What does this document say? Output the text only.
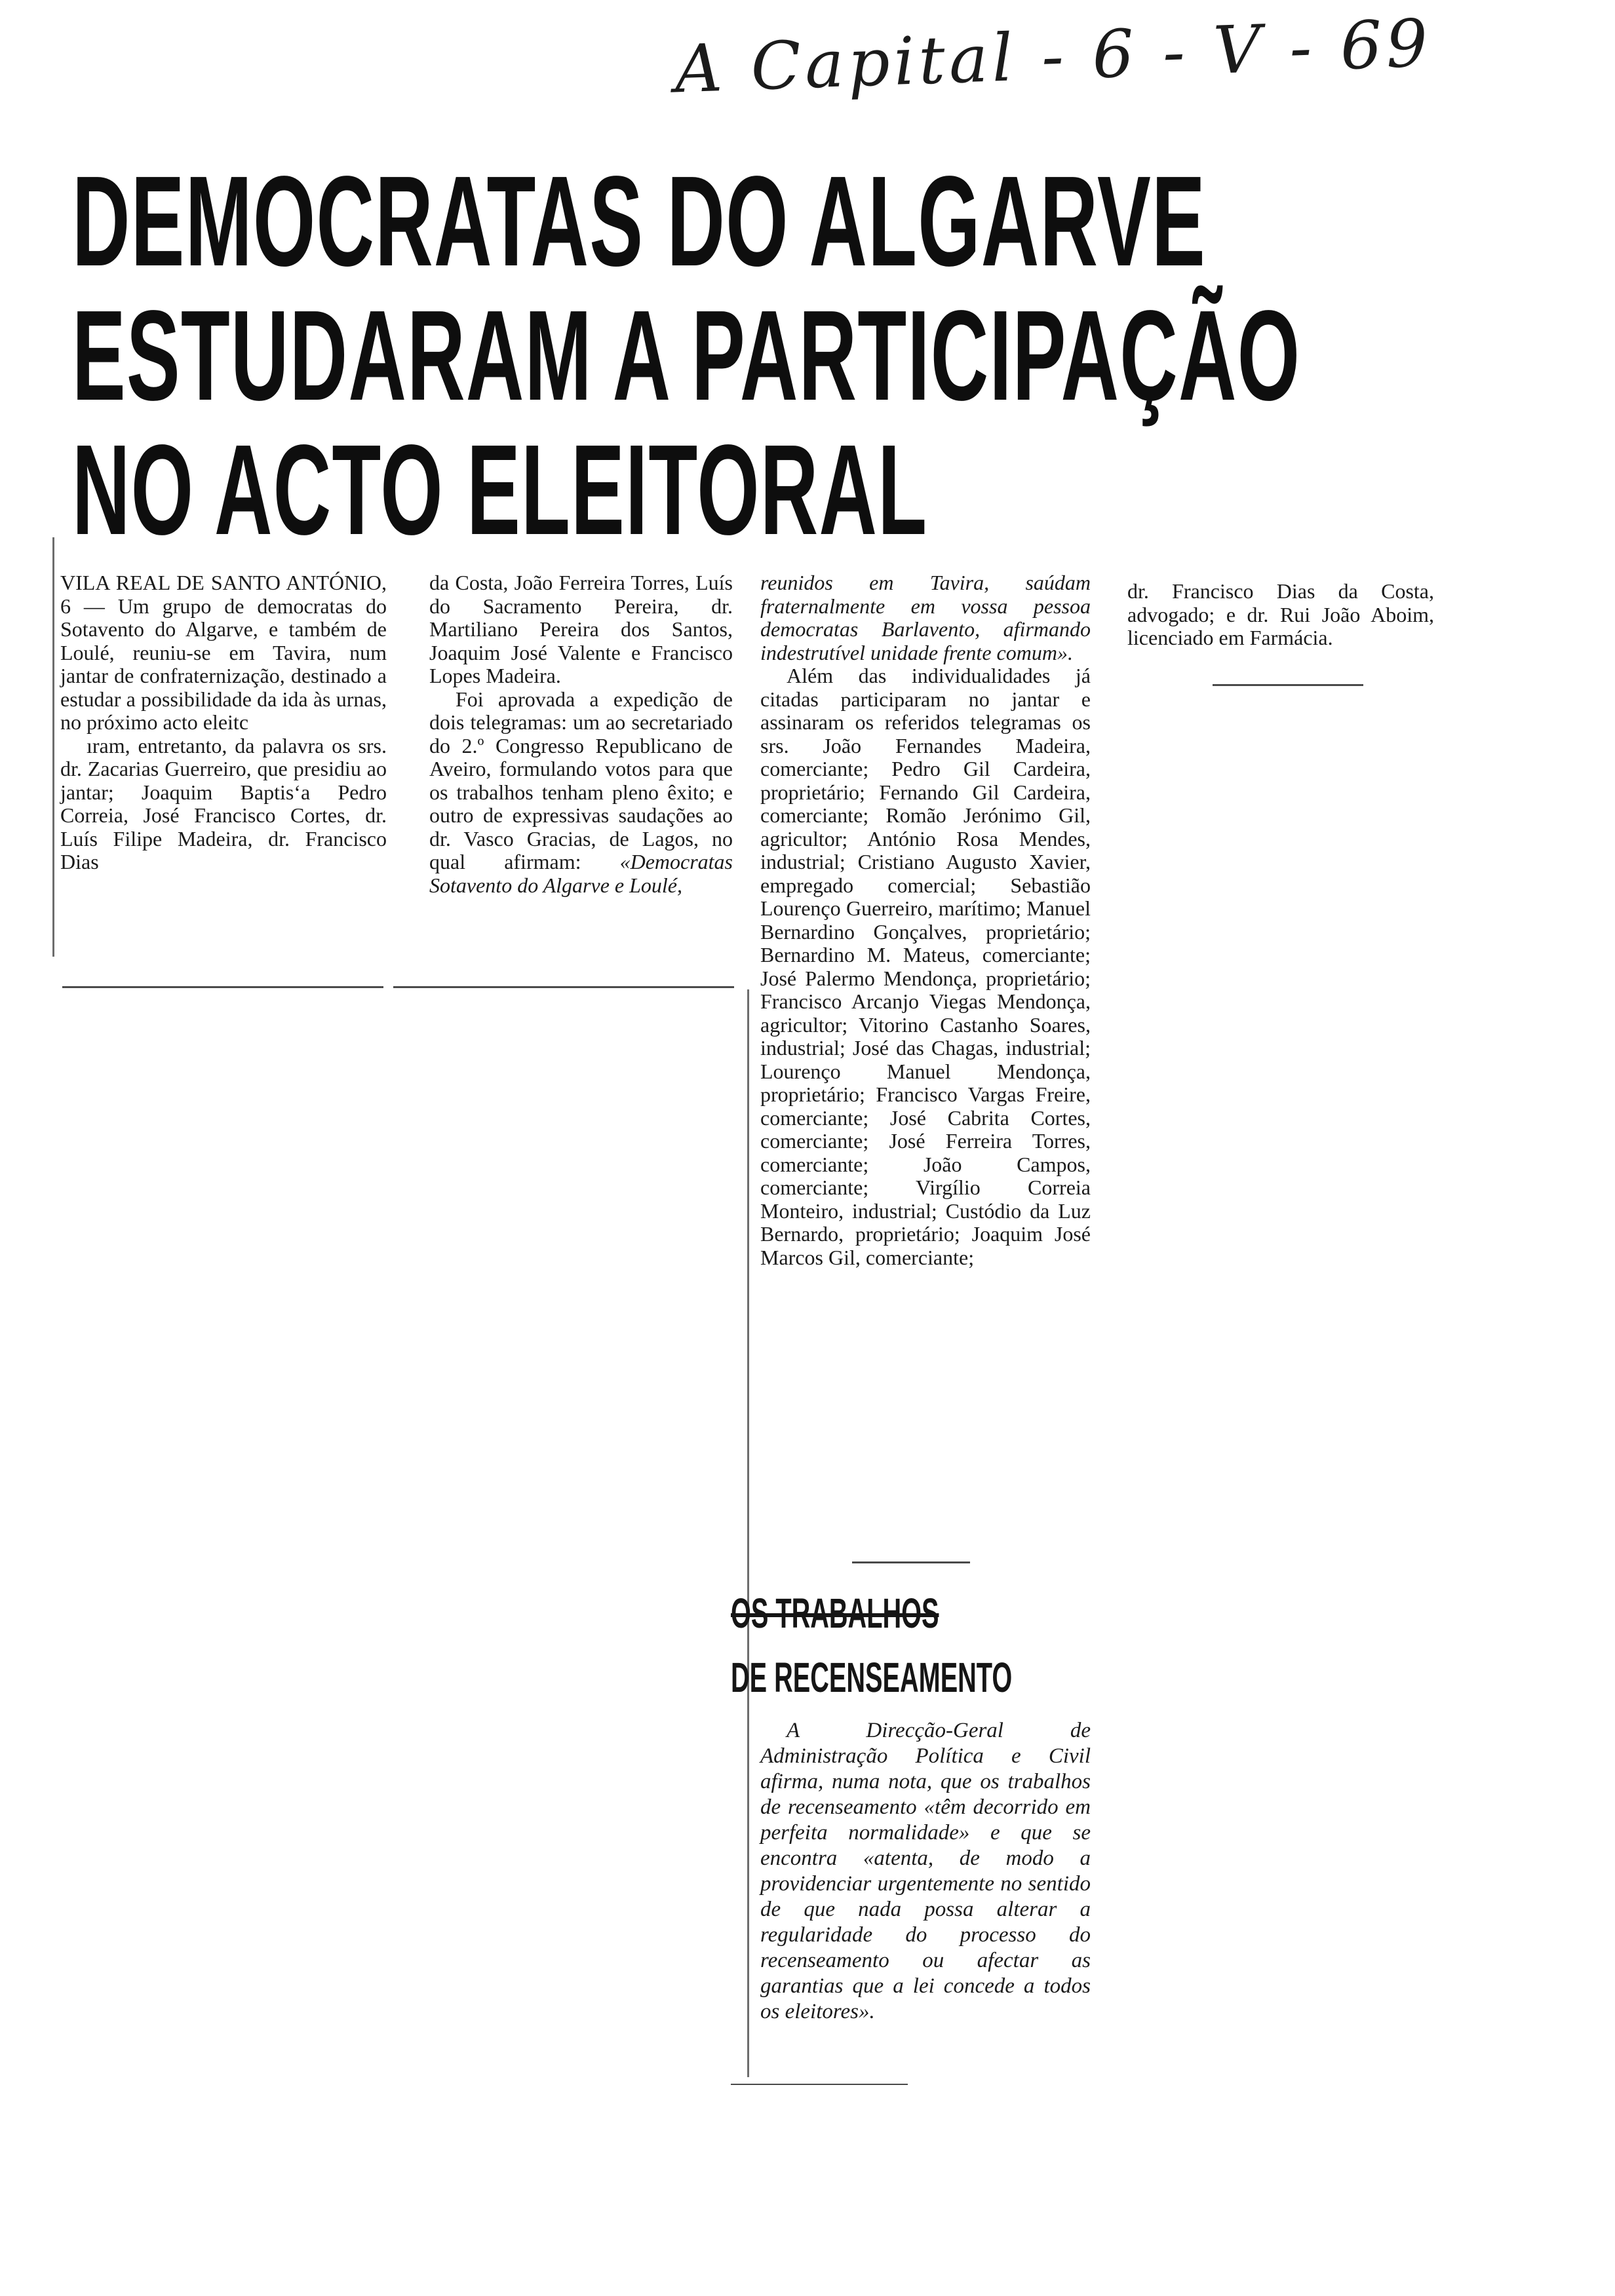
A Capital - 6 - V - 69
DEMOCRATAS DO ALGARVE
ESTUDARAM A PARTICIPAÇÃO
NO ACTO ELEITORAL

VILA REAL DE SANTO ANTÓNIO, 6 — Um grupo de democratas do Sotavento do Algarve, e também de Loulé, reuniu-se em Tavira, num jantar de confraternização, destinado a estudar a possibilidade da ida às urnas, no próximo acto eleitc

ıram, entretanto, da palavra os srs. dr. Zacarias Guerreiro, que presidiu ao jantar; Joaquim Baptis‘a Pedro Correia, José Francisco Cortes, dr. Luís Filipe Madeira, dr. Francisco Dias

da Costa, João Ferreira Torres, Luís do Sacramento Pereira, dr. Martiliano Pereira dos Santos, Joaquim José Valente e Francisco Lopes Madeira.

Foi aprovada a expedição de dois telegramas: um ao secretariado do 2.º Congresso Republicano de Aveiro, formulando votos para que os trabalhos tenham pleno êxito; e outro de expressivas saudações ao dr. Vasco Gracias, de Lagos, no qual afirmam: «Democratas Sotavento do Algarve e Loulé,

reunidos em Tavira, saúdam fraternalmente em vossa pessoa democratas Barlavento, afirmando indestrutível unidade frente comum».

Além das individualidades já citadas participaram no jantar e assinaram os referidos telegramas os srs. João Fernandes Madeira, comerciante; Pedro Gil Cardeira, proprietário; Fernando Gil Cardeira, comerciante; Romão Jerónimo Gil, agricultor; António Rosa Mendes, industrial; Cristiano Augusto Xavier, empregado comercial; Sebastião Lourenço Guerreiro, marítimo; Manuel Bernardino Gonçalves, proprietário; Bernardino M. Mateus, comerciante; José Palermo Mendonça, proprietário; Francisco Arcanjo Viegas Mendonça, agricultor; Vitorino Castanho Soares, industrial; José das Chagas, industrial; Lourenço Manuel Mendonça, proprietário; Francisco Vargas Freire, comerciante; José Cabrita Cortes, comerciante; José Ferreira Torres, comerciante; João Campos, comerciante; Virgílio Correia Monteiro, industrial; Custódio da Luz Bernardo, proprietário; Joaquim José Marcos Gil, comerciante;

dr. Francisco Dias da Costa, advogado; e dr. Rui João Aboim, licenciado em Farmácia.

OS TRABALHOS
DE RECENSEAMENTO

A Direcção-Geral de Administração Política e Civil afirma, numa nota, que os trabalhos de recenseamento «têm decorrido em perfeita normalidade» e que se encontra «atenta, de modo a providenciar urgentemente no sentido de que nada possa alterar a regularidade do processo do recenseamento ou afectar as garantias que a lei concede a todos os eleitores».
